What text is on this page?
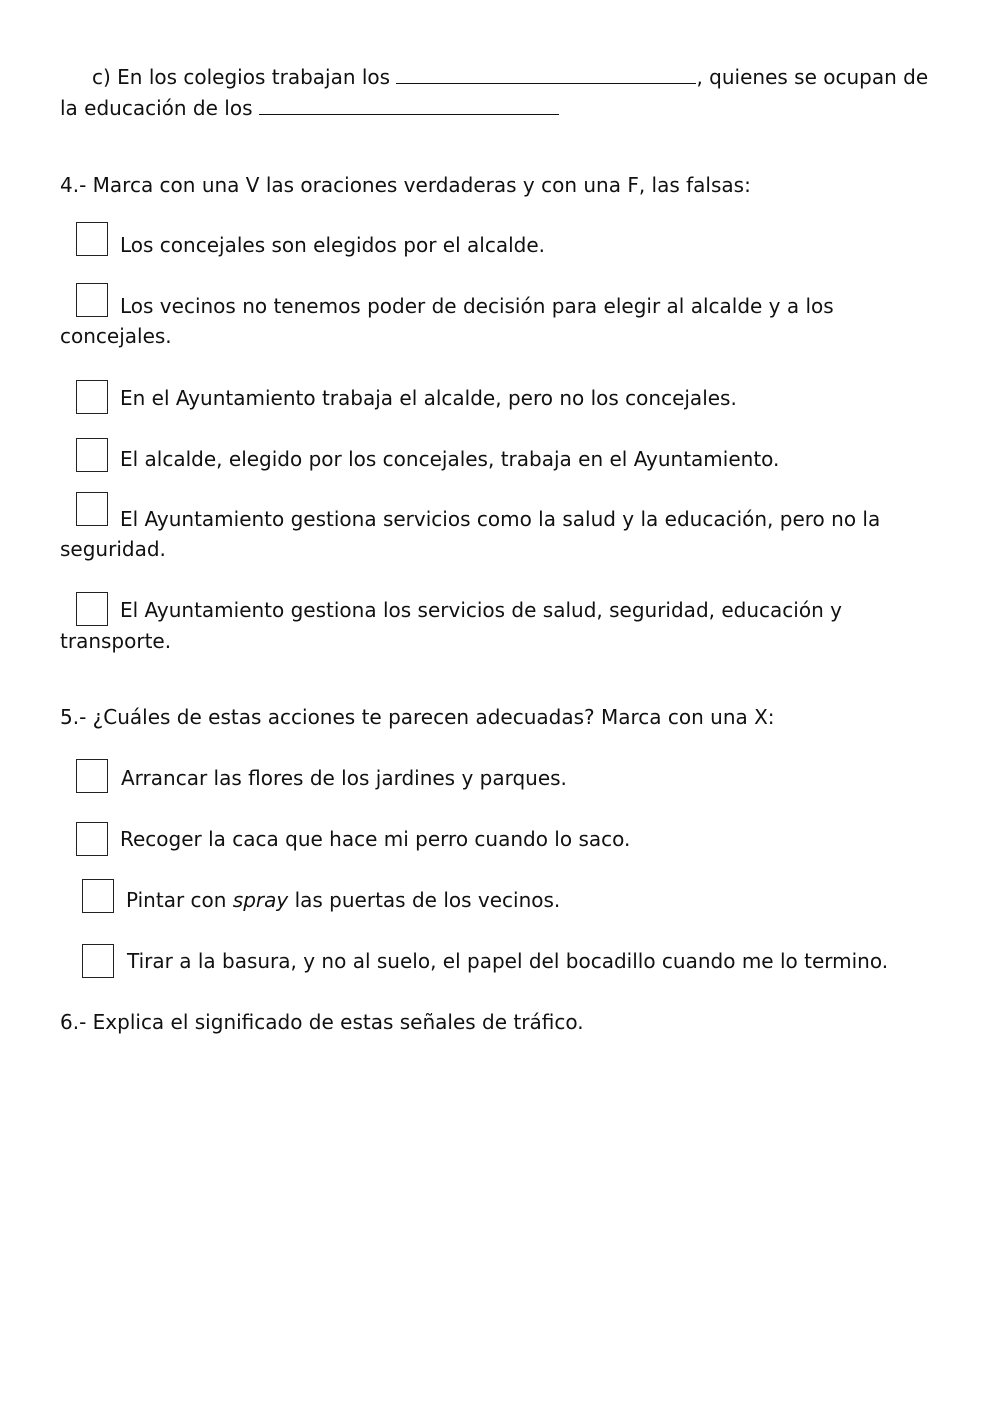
c) En los colegios trabajan los	, quienes se ocupan de
la educación de los
4.- Marca con una V las oraciones verdaderas y con una F, las falsas:
Los concejales son elegidos por el alcalde.
Los vecinos no tenemos poder de decisión para elegir al alcalde y a los
concejales.
En el Ayuntamiento trabaja el alcalde, pero no los concejales.
El alcalde, elegido por los concejales, trabaja en el Ayuntamiento.
El Ayuntamiento gestiona servicios como la salud y la educación, pero no la
seguridad.
El Ayuntamiento gestiona los servicios de salud, seguridad, educación y
transporte.
5.- ¿Cuáles de estas acciones te parecen adecuadas? Marca con una X:
Arrancar las flores de los jardines y parques.
Recoger la caca que hace mi perro cuando lo saco.
Pintar con spray las puertas de los vecinos.
Tirar a la basura, y no al suelo, el papel del bocadillo cuando me lo termino.
6.- Explica el significado de estas señales de tráfico.
